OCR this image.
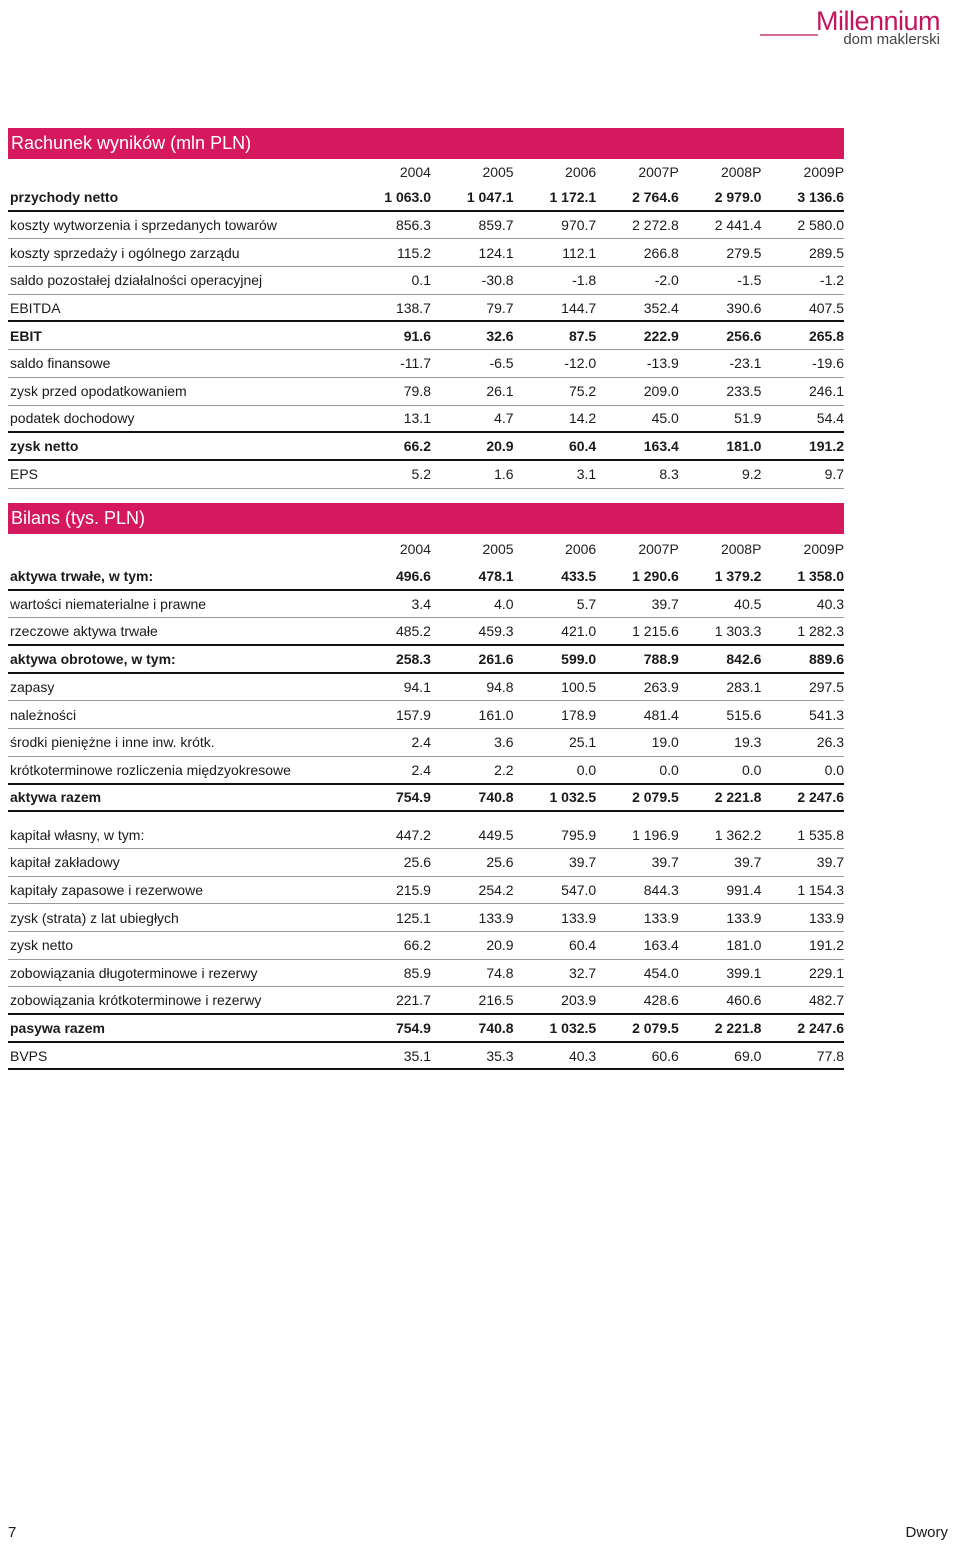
Millennium
dom maklerski
Rachunek wyników (mln PLN)
2004	2005	2006	2007P	2008P	2009P
przychody netto	1 063.0	1 047.1	1 172.1	2 764.6	2 979.0	3 136.6
koszty wytworzenia i sprzedanych towarów	856.3	859.7	970.7	2 272.8	2 441.4	2 580.0
koszty sprzedaży i ogólnego zarządu	115.2	124.1	112.1	266.8	279.5	289.5
saldo pozostałej działalności operacyjnej	0.1	-30.8	-1.8	-2.0	-1.5	-1.2
EBITDA	138.7	79.7	144.7	352.4	390.6	407.5
EBIT	91.6	32.6	87.5	222.9	256.6	265.8
saldo finansowe	-11.7	-6.5	-12.0	-13.9	-23.1	-19.6
zysk przed opodatkowaniem	79.8	26.1	75.2	209.0	233.5	246.1
podatek dochodowy	13.1	4.7	14.2	45.0	51.9	54.4
zysk netto	66.2	20.9	60.4	163.4	181.0	191.2
EPS	5.2	1.6	3.1	8.3	9.2	9.7
Bilans (tys. PLN)
2004	2005	2006	2007P	2008P	2009P
aktywa trwałe, w tym:	496.6	478.1	433.5	1 290.6	1 379.2	1 358.0
wartości niematerialne i prawne	3.4	4.0	5.7	39.7	40.5	40.3
rzeczowe aktywa trwałe	485.2	459.3	421.0	1 215.6	1 303.3	1 282.3
aktywa obrotowe, w tym:	258.3	261.6	599.0	788.9	842.6	889.6
zapasy	94.1	94.8	100.5	263.9	283.1	297.5
należności	157.9	161.0	178.9	481.4	515.6	541.3
środki pieniężne i inne inw. krótk.	2.4	3.6	25.1	19.0	19.3	26.3
krótkoterminowe rozliczenia międzyokresowe	2.4	2.2	0.0	0.0	0.0	0.0
aktywa razem	754.9	740.8	1 032.5	2 079.5	2 221.8	2 247.6
kapitał własny, w tym:	447.2	449.5	795.9	1 196.9	1 362.2	1 535.8
kapitał zakładowy	25.6	25.6	39.7	39.7	39.7	39.7
kapitały zapasowe i rezerwowe	215.9	254.2	547.0	844.3	991.4	1 154.3
zysk (strata) z lat ubiegłych	125.1	133.9	133.9	133.9	133.9	133.9
zysk netto	66.2	20.9	60.4	163.4	181.0	191.2
zobowiązania długoterminowe i rezerwy	85.9	74.8	32.7	454.0	399.1	229.1
zobowiązania krótkoterminowe i rezerwy	221.7	216.5	203.9	428.6	460.6	482.7
pasywa razem	754.9	740.8	1 032.5	2 079.5	2 221.8	2 247.6
BVPS	35.1	35.3	40.3	60.6	69.0	77.8
7	Dwory
